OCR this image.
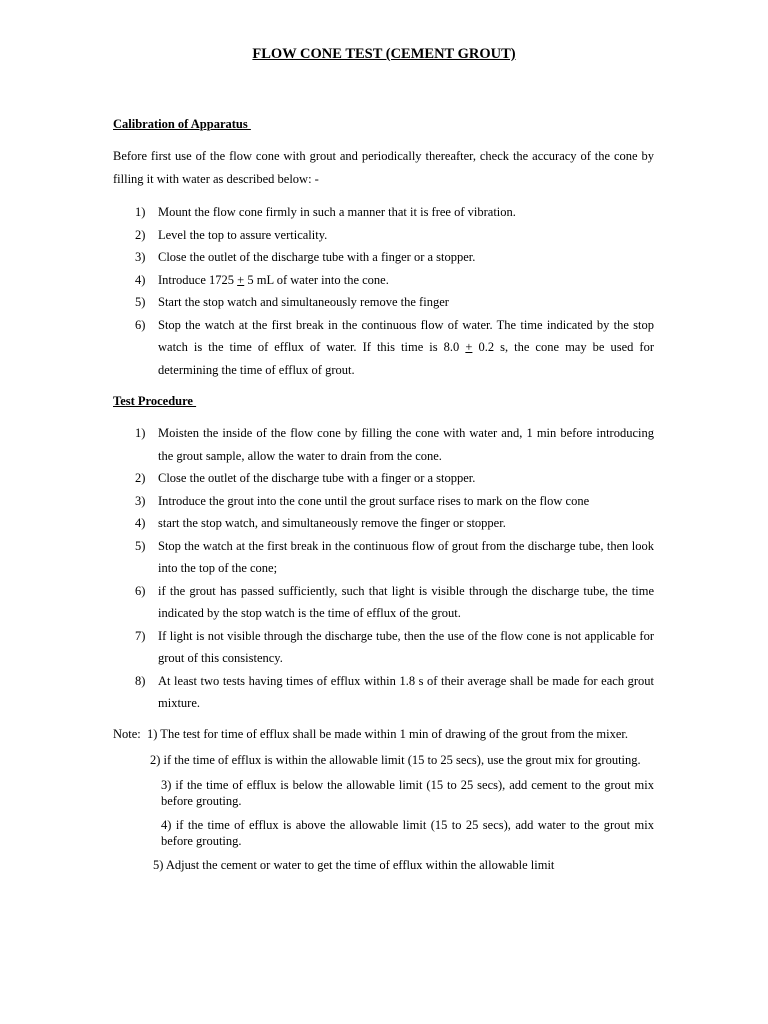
FLOW CONE TEST (CEMENT GROUT)
Calibration of Apparatus
Before first use of the flow cone with grout and periodically thereafter, check the accuracy of the cone by filling it with water as described below: -
1) Mount the flow cone firmly in such a manner that it is free of vibration.
2) Level the top to assure verticality.
3) Close the outlet of the discharge tube with a finger or a stopper.
4) Introduce 1725 + 5 mL of water into the cone.
5) Start the stop watch and simultaneously remove the finger
6) Stop the watch at the first break in the continuous flow of water. The time indicated by the stop watch is the time of efflux of water. If this time is 8.0 + 0.2 s, the cone may be used for determining the time of efflux of grout.
Test Procedure
1) Moisten the inside of the flow cone by filling the cone with water and, 1 min before introducing the grout sample, allow the water to drain from the cone.
2) Close the outlet of the discharge tube with a finger or a stopper.
3) Introduce the grout into the cone until the grout surface rises to mark on the flow cone
4) start the stop watch, and simultaneously remove the finger or stopper.
5) Stop the watch at the first break in the continuous flow of grout from the discharge tube, then look into the top of the cone;
6) if the grout has passed sufficiently, such that light is visible through the discharge tube, the time indicated by the stop watch is the time of efflux of the grout.
7) If light is not visible through the discharge tube, then the use of the flow cone is not applicable for grout of this consistency.
8) At least two tests having times of efflux within 1.8 s of their average shall be made for each grout mixture.
Note: 1) The test for time of efflux shall be made within 1 min of drawing of the grout from the mixer.
2) if the time of efflux is within the allowable limit (15 to 25 secs), use the grout mix for grouting.
3) if the time of efflux is below the allowable limit (15 to 25 secs), add cement to the grout mix before grouting.
4) if the time of efflux is above the allowable limit (15 to 25 secs), add water to the grout mix before grouting.
5) Adjust the cement or water to get the time of efflux within the allowable limit
